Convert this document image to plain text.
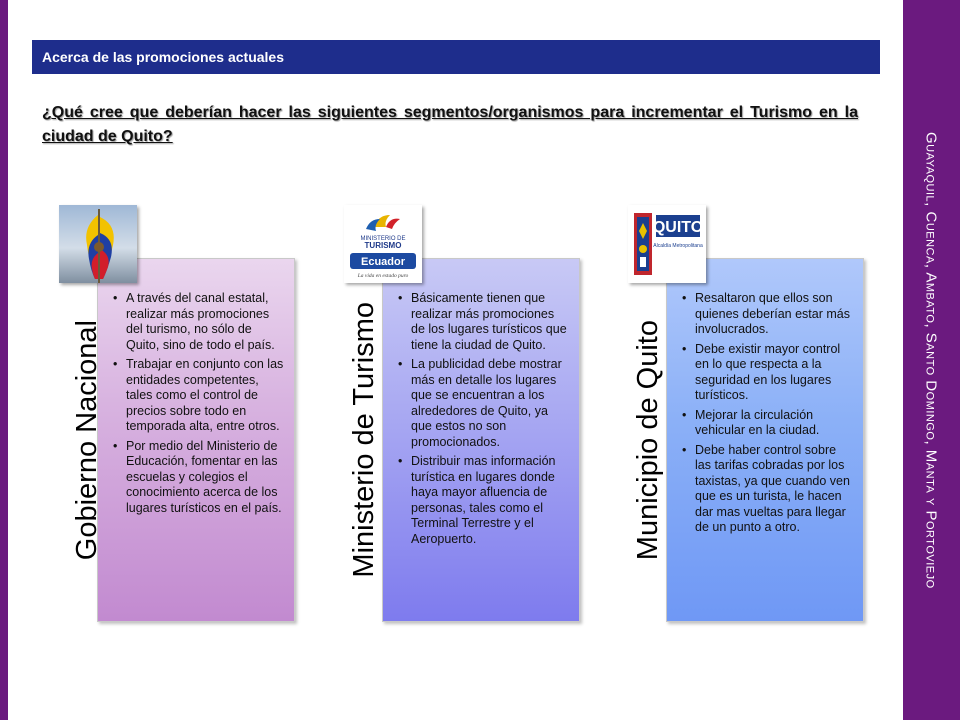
Guayaquil, Cuenca, Ambato, Santo Domingo, Manta y Portoviejo
Acerca de las promociones actuales
¿Qué cree que deberían hacer las siguientes segmentos/organismos para incrementar el Turismo en la ciudad de Quito?
• A través del canal estatal, realizar más promociones del turismo, no sólo de Quito, sino de todo el país.
• Trabajar en conjunto con las entidades competentes, tales como el control de precios sobre todo en temporada alta, entre otros.
• Por medio del Ministerio de Educación, fomentar en las escuelas y colegios el conocimiento acerca de los lugares turísticos en el país.
Gobierno Nacional
• Básicamente tienen que realizar más promociones de los lugares turísticos que tiene la ciudad de Quito.
• La publicidad debe mostrar más en detalle los lugares que se encuentran a los alrededores de Quito, ya que estos no son promocionados.
• Distribuir mas información turística en lugares donde haya mayor afluencia de personas, tales como el Terminal Terrestre y el Aeropuerto.
Ministerio de Turismo
MINISTERIO DE
TURISMO
Ecuador
La vida en estado puro
• Resaltaron que ellos son quienes deberían estar más involucrados.
• Debe existir mayor control en lo que respecta a la seguridad en los lugares turísticos.
• Mejorar la circulación vehicular en la ciudad.
• Debe haber control sobre las tarifas cobradas por los taxistas, ya que cuando ven que es un turista, le hacen dar mas vueltas para llegar de un punto a otro.
Municipio de Quito
QUITO
Alcaldía Metropolitana
